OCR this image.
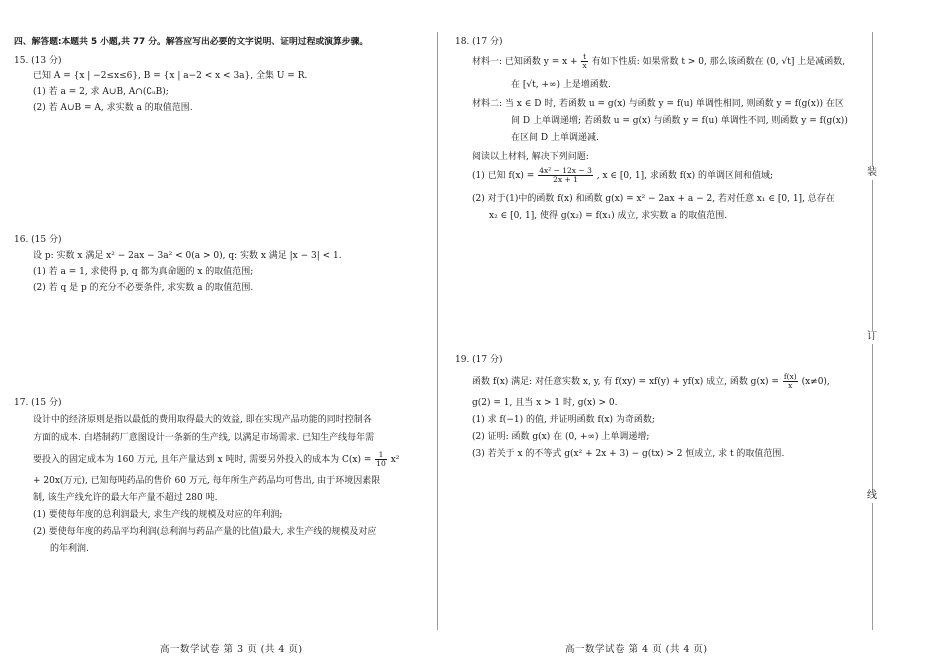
四、解答题:本题共 5 小题,共 77 分。解答应写出必要的文字说明、证明过程或演算步骤。
15. (13 分)
已知 A = {x | −2≤x≤6}, B = {x | a−2 < x < 3a}, 全集 U = R.
(1) 若 a = 2, 求 A∪B, A∩(∁ᵤB);
(2) 若 A∪B = A, 求实数 a 的取值范围.
16. (15 分)
设 p: 实数 x 满足 x² − 2ax − 3a² < 0(a > 0), q: 实数 x 满足 |x − 3| < 1.
(1) 若 a = 1, 求使得 p, q 都为真命题的 x 的取值范围;
(2) 若 q 是 p 的充分不必要条件, 求实数 a 的取值范围.
17. (15 分)
设计中的经济原则是指以最低的费用取得最大的效益, 即在实现产品功能的同时控制各
方面的成本. 白塔制药厂意图设计一条新的生产线, 以满足市场需求. 已知生产线每年需
要投入的固定成本为 160 万元, 且年产量达到 x 吨时, 需要另外投入的成本为 $C(x) = \frac{1}{10} x^2$
+ 20x(万元), 已知每吨药品的售价 60 万元, 每年所生产药品均可售出, 由于环境因素限
制, 该生产线允许的最大年产量不超过 280 吨.
(1) 要使每年度的总利润最大, 求生产线的规模及对应的年利润;
(2) 要使每年度的药品平均利润(总利润与药品产量的比值)最大, 求生产线的规模及对应
的年利润.
装
订
线
18. (17 分)
材料一: 已知函数 $y = x + \frac{t}{x}$ 有如下性质: 如果常数 t > 0, 那么该函数在 (0, √t] 上是减函数,
在 [√t, +∞) 上是增函数.
材料二: 当 x ∈ D 时, 若函数 u = g(x) 与函数 y = f(u) 单调性相同, 则函数 y = f(g(x)) 在区
间 D 上单调递增; 若函数 u = g(x) 与函数 y = f(u) 单调性不同, 则函数 y = f(g(x))
在区间 D 上单调递减.
阅读以上材料, 解决下列问题:
(1) 已知 $f(x) = \frac{\text{4x² − 12x − 3}}{2x + 1}$ , x ∈ [0, 1], 求函数 f(x) 的单调区间和值域;
(2) 对于(1)中的函数 f(x) 和函数 g(x) = x² − 2ax + a − 2, 若对任意 x₁ ∈ [0, 1], 总存在
x₂ ∈ [0, 1], 使得 g(x₂) = f(x₁) 成立, 求实数 a 的取值范围.
19. (17 分)
函数 f(x) 满足: 对任意实数 x, y, 有 f(xy) = xf(y) + yf(x) 成立, 函数 $g(x) = \frac{f(x)}{x} (x\ne 0)$,
g(2) = 1, 且当 x > 1 时, g(x) > 0.
(1) 求 f(−1) 的值, 并证明函数 f(x) 为奇函数;
(2) 证明: 函数 g(x) 在 (0, +∞) 上单调递增;
(3) 若关于 x 的不等式 g(x² + 2x + 3) − g(tx) > 2 恒成立, 求 t 的取值范围.
高一数学试卷 第 3 页 (共 4 页)	高一数学试卷 第 4 页 (共 4 页)
